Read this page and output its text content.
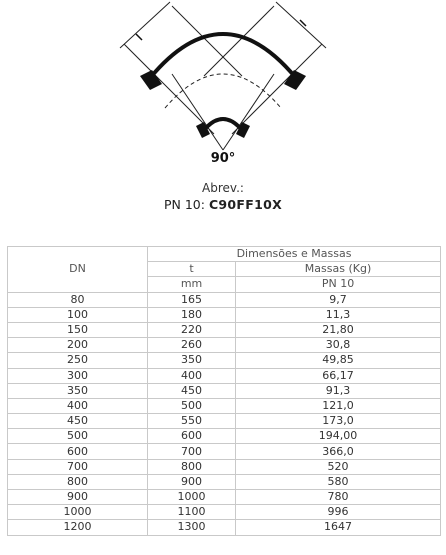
90°
Abrev.:
PN 10: C90FF10X
DN	Dimensões e Massas	
	t	Massas (Kg)
	mm	PN 10
80	165	9,7
100	180	11,3
150	220	21,80
200	260	30,8
250	350	49,85
300	400	66,17
350	450	91,3
400	500	121,0
450	550	173,0
500	600	194,00
600	700	366,0
700	800	520
800	900	580
900	1000	780
1000	1100	996
1200	1300	1647
